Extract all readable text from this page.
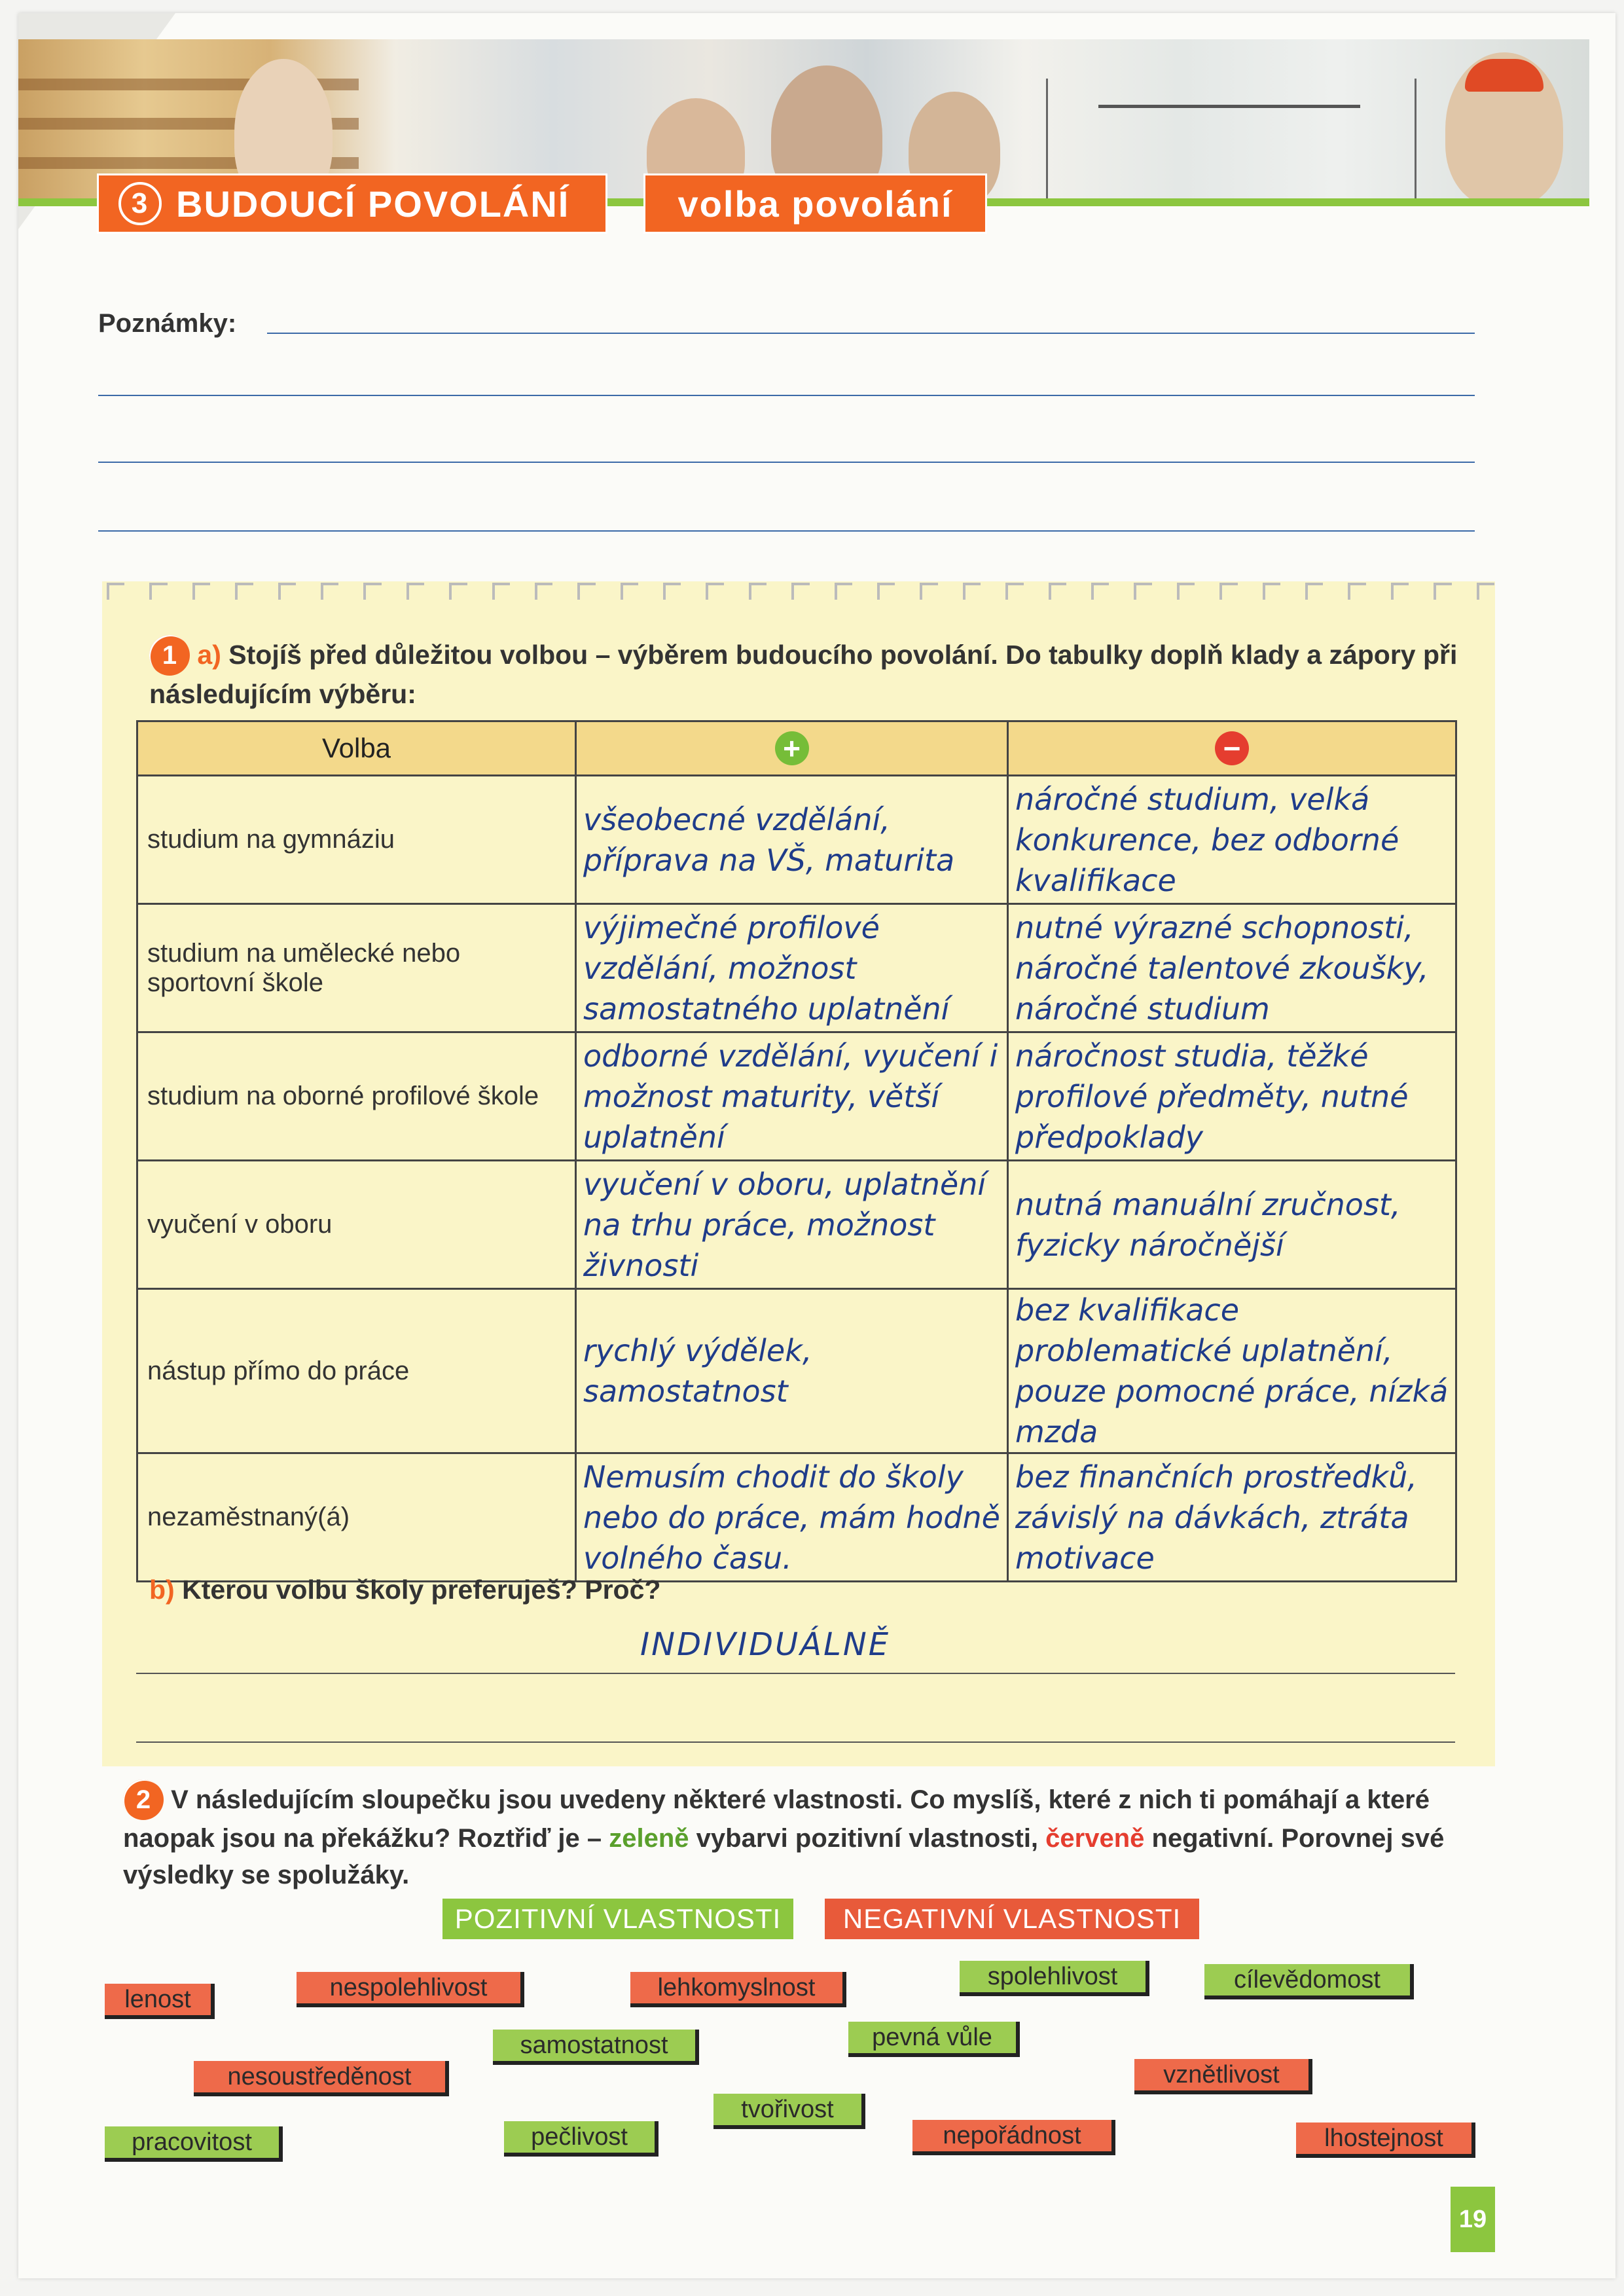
3 BUDOUCÍ POVOLÁNÍ	volba povolání
Poznámky:
1 a) Stojíš před důležitou volbou – výběrem budoucího povolání. Do tabulky doplň klady a zápory při následujícím výběru:
Volba	+	−
studium na gymnáziu	všeobecné vzdělání, příprava na VŠ, maturita	náročné studium, velká konkurence, bez odborné kvalifikace
studium na umělecké nebo sportovní škole	výjimečné profilové vzdělání, možnost samostatného uplatnění	nutné výrazné schopnosti, náročné talentové zkoušky, náročné studium
studium na oborné profilové škole	odborné vzdělání, vyučení i možnost maturity, větší uplatnění	náročnost studia, těžké profilové předměty, nutné předpoklady
vyučení v oboru	vyučení v oboru, uplatnění na trhu práce, možnost živnosti	nutná manuální zručnost, fyzicky náročnější
nástup přímo do práce	rychlý výdělek, samostatnost	bez kvalifikace problematické uplatnění, pouze pomocné práce, nízká mzda
nezaměstnaný(á)	Nemusím chodit do školy nebo do práce, mám hodně volného času.	bez finančních prostředků, závislý na dávkách, ztráta motivace
b) Kterou volbu školy preferuješ? Proč?
INDIVIDUÁLNĚ
2 V následujícím sloupečku jsou uvedeny některé vlastnosti. Co myslíš, které z nich ti pomáhají a které naopak jsou na překážku? Roztřiď je – zeleně vybarvi pozitivní vlastnosti, červeně negativní. Porovnej své výsledky se spolužáky.
POZITIVNÍ VLASTNOSTI	NEGATIVNÍ VLASTNOSTI
lenost	nespolehlivost	lehkomyslnost	spolehlivost	cílevědomost
samostatnost	pevná vůle
nesoustředěnost	vznětlivost
tvořivost
pracovitost	pečlivost	nepořádnost	lhostejnost
19
